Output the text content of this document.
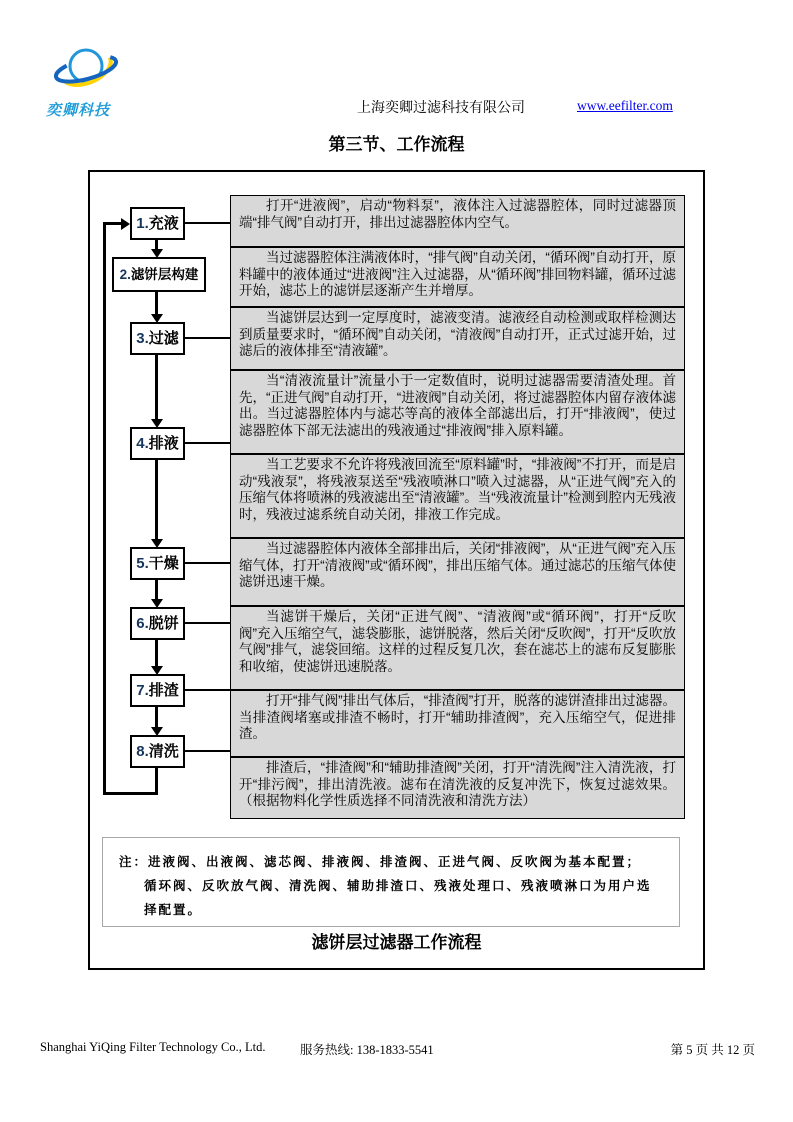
奕卿科技	上海奕卿过滤科技有限公司	www.eefilter.com
第三节、工作流程
1.充液
2.滤饼层构建
3.过滤
4.排液
5.干燥
6.脱饼
7.排渣
8.清洗
打开“进液阀”，启动“物料泵”，液体注入过滤器腔体，同时过滤器顶端“排气阀”自动打开，排出过滤器腔体内空气。
当过滤器腔体注满液体时，“排气阀”自动关闭，“循环阀”自动打开，原料罐中的液体通过“进液阀”注入过滤器，从“循环阀”排回物料罐，循环过滤开始，滤芯上的滤饼层逐渐产生并增厚。
当滤饼层达到一定厚度时，滤液变清。滤液经自动检测或取样检测达到质量要求时，“循环阀”自动关闭，“清液阀”自动打开，正式过滤开始，过滤后的液体排至“清液罐”。
当“清液流量计”流量小于一定数值时，说明过滤器需要清渣处理。首先，“正进气阀”自动打开，“进液阀”自动关闭，将过滤器腔体内留存液体滤出。当过滤器腔体内与滤芯等高的液体全部滤出后，打开“排液阀”，使过滤器腔体下部无法滤出的残液通过“排液阀”排入原料罐。
当工艺要求不允许将残液回流至“原料罐”时，“排液阀”不打开，而是启动“残液泵”，将残液泵送至“残液喷淋口”喷入过滤器，从“正进气阀”充入的压缩气体将喷淋的残液滤出至“清液罐”。当“残液流量计”检测到腔内无残液时，残液过滤系统自动关闭，排液工作完成。
当过滤器腔体内液体全部排出后，关闭“排液阀”，从“正进气阀”充入压缩气体，打开“清液阀”或“循环阀”，排出压缩气体。通过滤芯的压缩气体使滤饼迅速干燥。
当滤饼干燥后，关闭“正进气阀”、“清液阀”或“循环阀”，打开“反吹阀”充入压缩空气，滤袋膨胀，滤饼脱落，然后关闭“反吹阀”，打开“反吹放气阀”排气，滤袋回缩。这样的过程反复几次，套在滤芯上的滤布反复膨胀和收缩，使滤饼迅速脱落。
打开“排气阀”排出气体后，“排渣阀”打开，脱落的滤饼渣排出过滤器。当排渣阀堵塞或排渣不畅时，打开“辅助排渣阀”，充入压缩空气，促进排渣。
排渣后，“排渣阀”和“辅助排渣阀”关闭，打开“清洗阀”注入清洗液，打开“排污阀”，排出清洗液。滤布在清洗液的反复冲洗下，恢复过滤效果。（根据物料化学性质选择不同清洗液和清洗方法）
注：进液阀、出液阀、滤芯阀、排液阀、排渣阀、正进气阀、反吹阀为基本配置；
循环阀、反吹放气阀、清洗阀、辅助排渣口、残液处理口、残液喷淋口为用户选择配置。
滤饼层过滤器工作流程
Shanghai YiQing Filter Technology Co., Ltd.	服务热线: 138-1833-5541	第 5 页 共 12 页
